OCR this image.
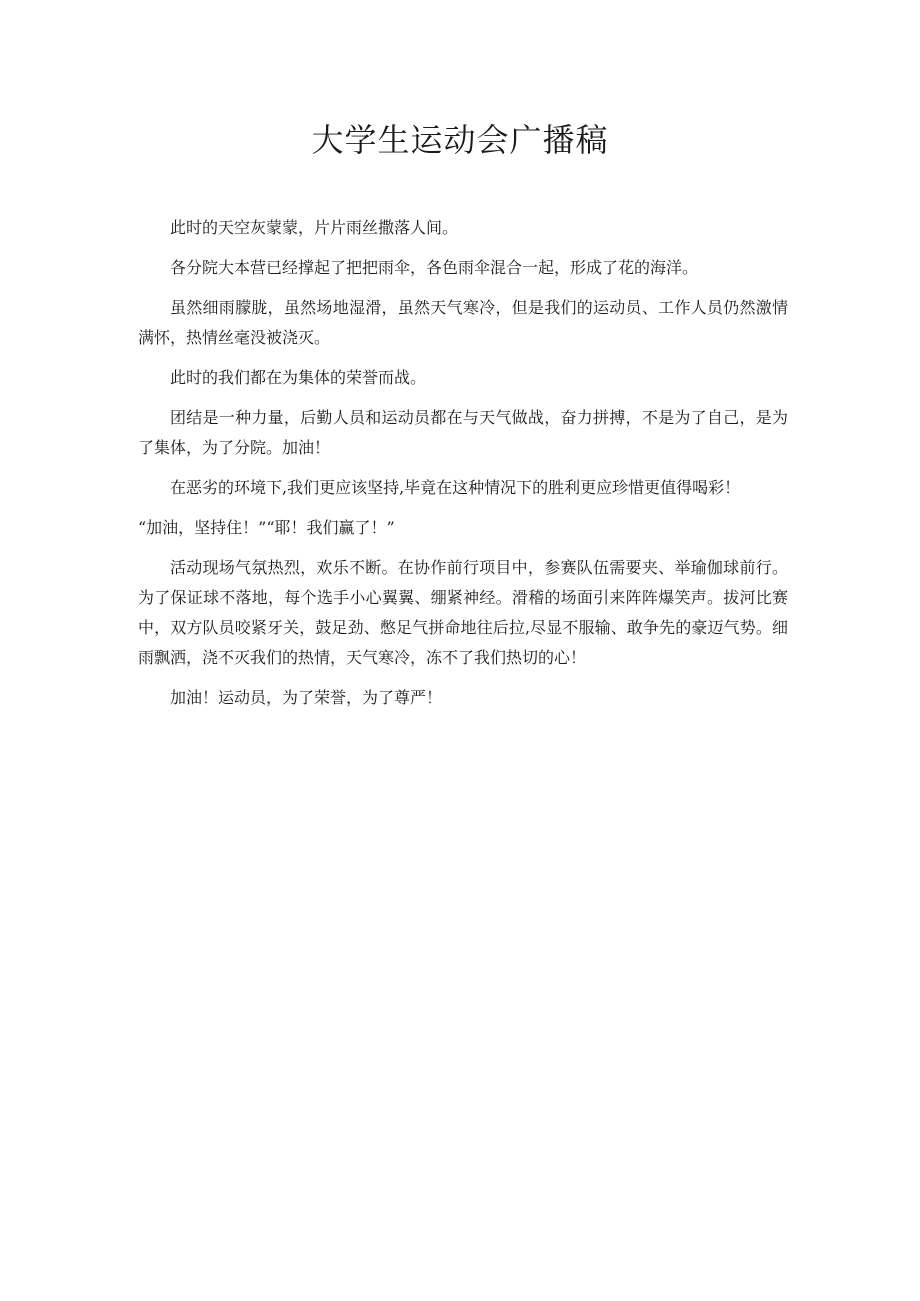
大学生运动会广播稿

此时的天空灰蒙蒙，片片雨丝撒落人间。

各分院大本营已经撑起了把把雨伞，各色雨伞混合一起，形成了花的海洋。

虽然细雨朦胧，虽然场地湿滑，虽然天气寒冷，但是我们的运动员、工作人员仍然激情满怀，热情丝毫没被浇灭。

此时的我们都在为集体的荣誉而战。

团结是一种力量，后勤人员和运动员都在与天气做战，奋力拼搏，不是为了自己，是为了集体，为了分院。加油！

在恶劣的环境下,我们更应该坚持,毕竟在这种情况下的胜利更应珍惜更值得喝彩！

“加油，坚持住！”“耶！我们赢了！”

活动现场气氛热烈，欢乐不断。在协作前行项目中，参赛队伍需要夹、举瑜伽球前行。为了保证球不落地，每个选手小心翼翼、绷紧神经。滑稽的场面引来阵阵爆笑声。拔河比赛中，双方队员咬紧牙关，鼓足劲、憋足气拼命地往后拉,尽显不服输、敢争先的豪迈气势。细雨飘洒，浇不灭我们的热情，天气寒冷，冻不了我们热切的心！

加油！运动员，为了荣誉，为了尊严！
